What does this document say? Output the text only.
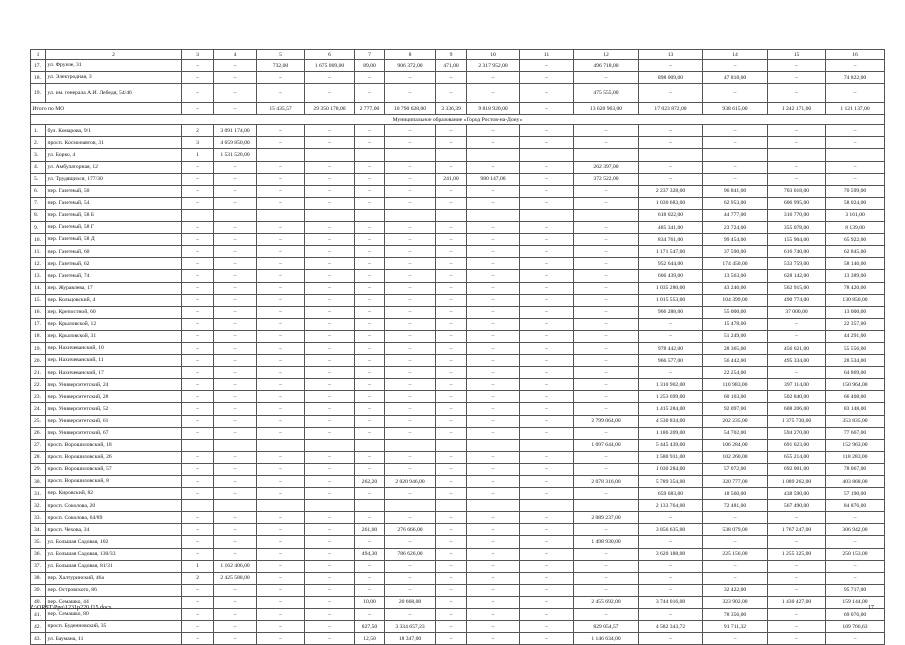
1	2	3	4	5	6	7	8	9	10	11	12	13	14	15	16
17.	ул. Фрунзе, 31	–	–	732,00	1 675 009,00	89,00	906 372,00	471,00	2 317 952,00	–	496 718,00	–	–	–	–
18.	ул. Электродная, 3	–	–	–	–	–	–	–	–	–	–	898 009,00	47 818,00	–	74 822,00
19.	ул. им. генерала А.И. Лебедя, 54/46	–	–	–	–	–	–	–	–	–	475 555,00	–	–	–	–
Итого по МО		–	–	15 435,57	29 350 178,00	2 777,00	10 790 628,00	3 336,39	9 818 920,00	–	13 620 963,00	17 023 872,00	938 615,00	1 242 171,00	1 121 137,00
Муниципальное образование «Город Ростов-на-Дону»															
1.	бул. Комарова, 9/1	2	3 091 174,00	–	–	–	–	–	–	–	–	–	–	–	–
2.	просп. Космонавтов, 31	3	4 659 850,00	–	–	–	–	–	–	–	–	–	–	–	–
3.	ул. Борко, 4	1	1 531 520,00												
4.	ул. Амбулаторная, 12	–	–	–	–	–	–	–	–	–	262 397,00	–	–	–	–
5.	ул. Трудящихся, 177/30	–	–	–	–	–	–	241,00	980 147,00	–	372 522,00	–	–	–	–
6.	пер. Газетный, 50	–	–	–	–	–	–	–	–	–	–	2 237 328,00	96 841,00	703 018,00	70 599,00
7.	пер. Газетный, 54	–	–	–	–	–	–	–	–	–	–	1 030 683,00	62 953,00	606 995,00	58 024,00
8.	пер. Газетный, 58 Б											618 022,00	44 777,00	316 770,00	3 161,00
9.	пер. Газетный, 58 Г	–	–	–	–	–	–	–	–	–	–	485 341,00	23 724,00	355 078,00	8 139,00
10.	пер. Газетный, 58 Д	–	–	–	–	–	–	–	–	–	–	834 761,00	99 454,00	155 904,00	65 922,00
11.	пер. Газетный, 60	–	–	–	–	–	–	–	–	–	–	1 171 547,00	37 590,00	616 740,00	62 845,00
12.	пер. Газетный, 62	–	–	–	–	–	–	–	–	–	–	952 644,00	174 450,00	533 759,00	58 146,00
13.	пер. Газетный, 74	–	–	–	–	–	–	–	–	–	–	606 439,00	13 563,00	628 142,00	13 389,00
14.	пер. Журавлева, 17	–	–	–	–	–	–	–	–	–	–	1 035 280,00	43 246,00	562 915,00	78 420,00
15.	пер. Кольцовский, 4	–	–	–	–	–	–	–	–	–	–	1 015 553,00	104 399,00	490 774,00	130 850,00
16.	пер. Крепостной, 60	–	–	–	–	–	–	–	–	–	–	966 288,00	55 000,00	37 000,00	13 000,00
17.	пер. Крыловской, 12	–	–	–	–	–	–	–	–	–	–	–	15 478,00	–	22 357,00
18.	пер. Крыловской, 31	–	–	–	–	–	–	–	–	–	–	–	51 249,00	–	44 291,00
19.	пер. Нахичеванский, 10	–	–	–	–	–	–	–	–	–	–	978 442,00	28 365,00	456 621,00	55 556,00
20.	пер. Нахичеванский, 11	–	–	–	–	–	–	–	–	–	–	966 577,00	56 442,00	495 334,00	28 534,00
21.	пер. Нахичеванский, 17	–	–	–	–	–	–	–	–	–	–	–	22 254,00	–	64 869,00
22.	пер. Университетский, 24	–	–	–	–	–	–	–	–	–	–	1 310 902,00	110 983,00	397 114,00	150 964,00
23.	пер. Университетский, 28	–	–	–	–	–	–	–	–	–	–	1 253 699,00	60 103,00	502 840,00	66 408,00
24.	пер. Университетский, 52	–	–	–	–	–	–	–	–	–	–	1 415 284,00	92 097,00	608 206,00	83 148,00
25.	пер. Университетский, 61	–	–	–	–	–	–	–	–	–	2 799 064,00	4 530 834,00	202 235,00	1 375 730,00	353 835,00
26.	пер. Университетский, 67	–	–	–	–	–	–	–	–	–	–	1 186 209,00	54 702,00	594 270,00	77 667,00
27.	просп. Ворошиловский, 18										1 097 644,00	5 445 439,00	106 284,00	691 623,00	152 963,00
28.	просп. Ворошиловский, 26	–	–	–	–	–	–	–	–	–	–	1 580 931,00	102 260,00	655 214,00	118 283,00
29.	просп. Ворошиловский, 57	–	–	–	–	–	–	–	–	–	–	1 030 284,00	57 072,00	692 001,00	78 067,00
30.	просп. Ворошиловский, 8	–	–	–	–	262,20	2 020 946,00	–	–	–	2 078 316,00	5 789 354,00	320 777,00	1 089 262,00	403 868,00
31.	пер. Кировский, 82	–	–	–	–	–	–	–	–	–	–	659 683,00	18 560,00	438 590,00	57 190,00
32.	просп. Соколова, 20											2 133 764,00	72 481,00	567 490,00	84 876,00
33.	просп. Соколова, 64/89	–	–	–	–	–	–	–	–	–	2 089 237,00	–	–	–	–
34.	просп. Чехова, 34	–	–	–	–	261,00	276 666,00	–	–	–	–	3 856 635,00	538 079,00	1 767 247,00	306 942,00
35.	ул. Большая Садовая, 102	–	–	–	–	–	–	–	–	–	1 498 930,00	–	–	–	–
36.	ул. Большая Садовая, 130/33	–	–	–	–	494,30	786 626,00	–	–	–	–	3 620 188,00	225 156,00	1 255 325,00	250 153,00
37.	ул. Большая Садовая, 81/31	1	1 162 406,00	–	–	–	–	–	–	–	–	–	–	–	–
38.	пер. Халтуринский, 46а	2	2 425 588,00	–	–	–	–	–	–	–	–	–	–	–	–
39.	пер. Островского, 86	–	–	–	–	–	–	–	–	–	–	–	32 422,00	–	95 717,00
40.	пер. Семашко, 44	–	–	–	–	10,00	20 668,00	–	–	–	2 455 692,00	3 744 016,00	323 902,00	1 430 427,00	159 144,00
41.	пер. Семашко, 80	–	–	–	–	–	–	–	–	–	–	–	78 356,00	–	69 076,00
42.	просп. Буденновский, 35	–	–	–	–	827,50	3 334 657,23	–	–	–	829 054,57	4 582 343,72	91 711,32	–	109 766,63
43.	ул. Баумана, 11	–	–	–	–	12,50	18 347,00	–	–	–	1 146 634,00	–	–	–	–
Z:\ORST\Ppo\1231p220.f15.docx	17
